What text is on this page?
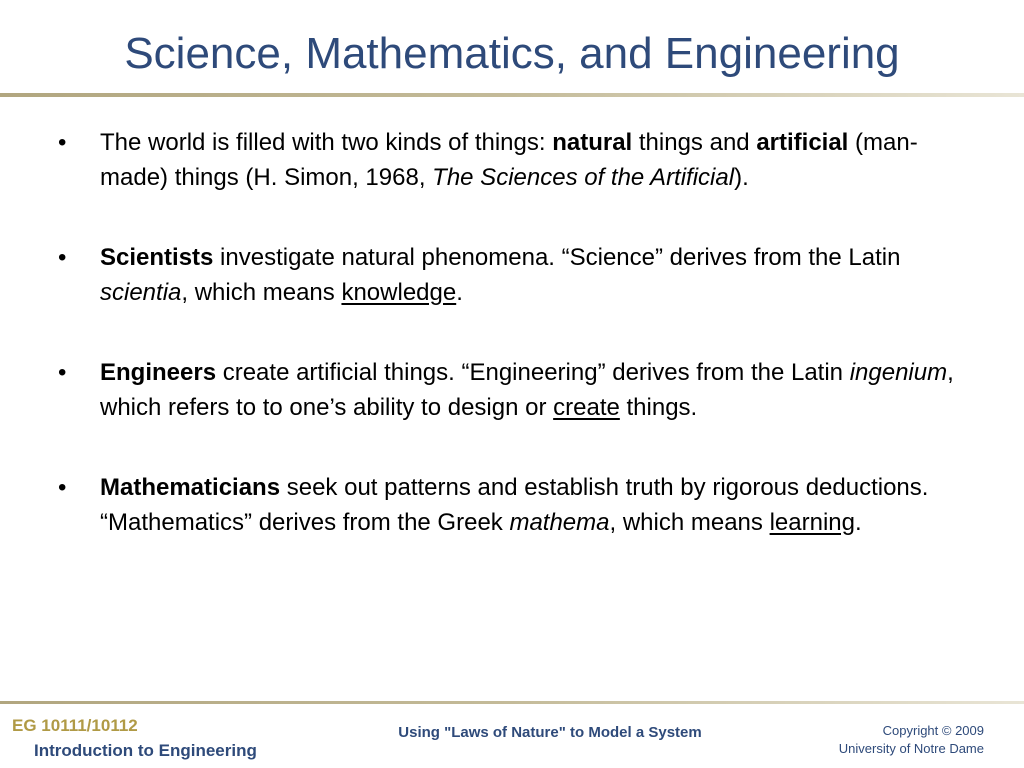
Science, Mathematics, and Engineering
•	The world is filled with two kinds of things: natural things and artificial (man-made) things (H. Simon, 1968, The Sciences of the Artificial).
•	Scientists investigate natural phenomena. “Science” derives from the Latin scientia, which means knowledge.
•	Engineers create artificial things. “Engineering” derives from the Latin ingenium, which refers to to one’s ability to design or create things.
•	Mathematicians seek out patterns and establish truth by rigorous deductions. “Mathematics” derives from the Greek mathema, which means learning.
EG 10111/10112
Introduction to Engineering
Using "Laws of Nature" to Model a System	Copyright © 2009
University of Notre Dame
